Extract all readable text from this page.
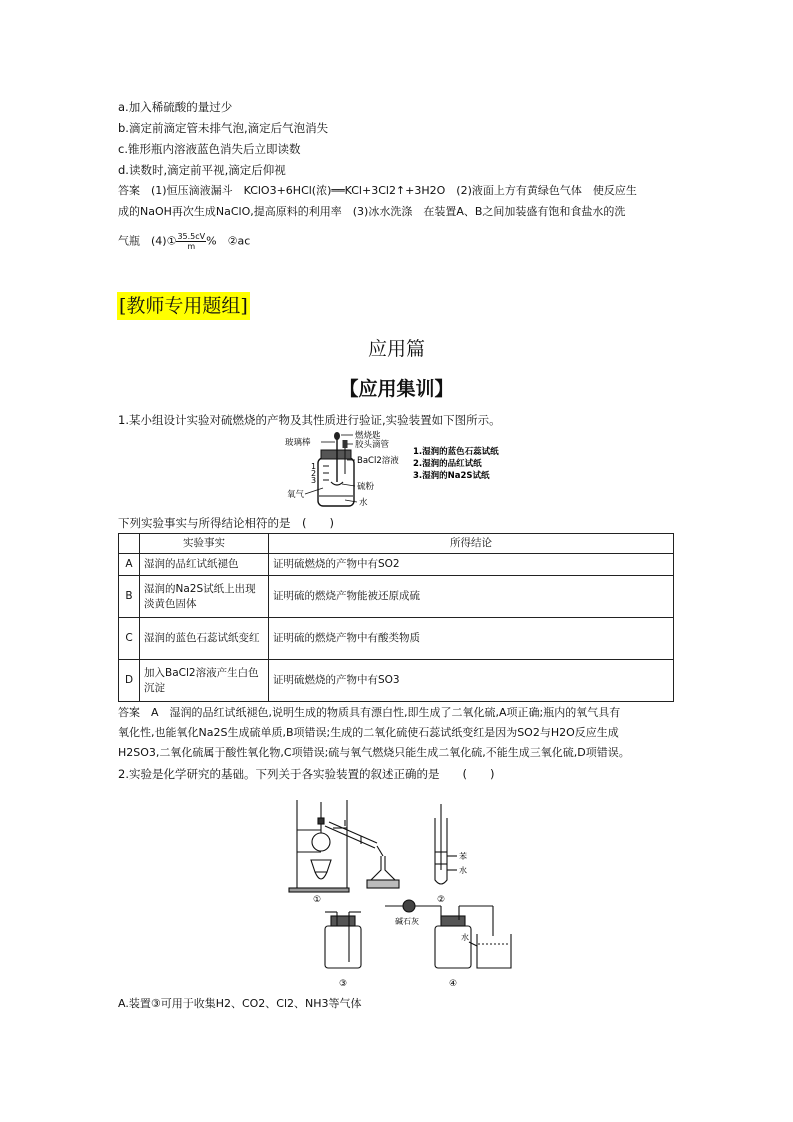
a.加入稀硫酸的量过少
b.滴定前滴定管未排气泡,滴定后气泡消失
c.锥形瓶内溶液蓝色消失后立即读数
d.读数时,滴定前平视,滴定后仰视
答案　(1)恒压滴液漏斗　KClO3+6HCl(浓)══KCl+3Cl2↑+3H2O　(2)液面上方有黄绿色气体　使反应生
成的NaOH再次生成NaClO,提高原料的利用率　(3)冰水洗涤　在装置A、B之间加装盛有饱和食盐水的洗
气瓶　(4)① $\frac{35.5cV}{m}$ %　②ac
[教师专用题组]
应用篇
【应用集训】
1.某小组设计实验对硫燃烧的产物及其性质进行验证,实验装置如下图所示。
玻璃棒
燃烧匙
胶头滴管
BaCl2溶液
硫粉
水
氧气
1
2
3
1.湿润的蓝色石蕊试纸
2.湿润的品红试纸
3.湿润的Na2S试纸
下列实验事实与所得结论相符的是　(　　)
	实验事实	所得结论
A	湿润的品红试纸褪色	证明硫燃烧的产物中有SO2
B	湿润的Na2S试纸上出现淡黄色固体	证明硫的燃烧产物能被还原成硫
C	湿润的蓝色石蕊试纸变红	证明硫的燃烧产物中有酸类物质
D	加入BaCl2溶液产生白色沉淀	证明硫燃烧的产物中有SO3
答案　A　湿润的品红试纸褪色,说明生成的物质具有漂白性,即生成了二氧化硫,A项正确;瓶内的氧气具有
氧化性,也能氧化Na2S生成硫单质,B项错误;生成的二氧化硫使石蕊试纸变红是因为SO2与H2O反应生成
H2SO3,二氧化硫属于酸性氧化物,C项错误;硫与氧气燃烧只能生成二氧化硫,不能生成三氧化硫,D项错误。
2.实验是化学研究的基础。下列关于各实验装置的叙述正确的是　　(　　)
苯
水
①	②
③
碱石灰
水
④
A.装置③可用于收集H2、CO2、Cl2、NH3等气体
